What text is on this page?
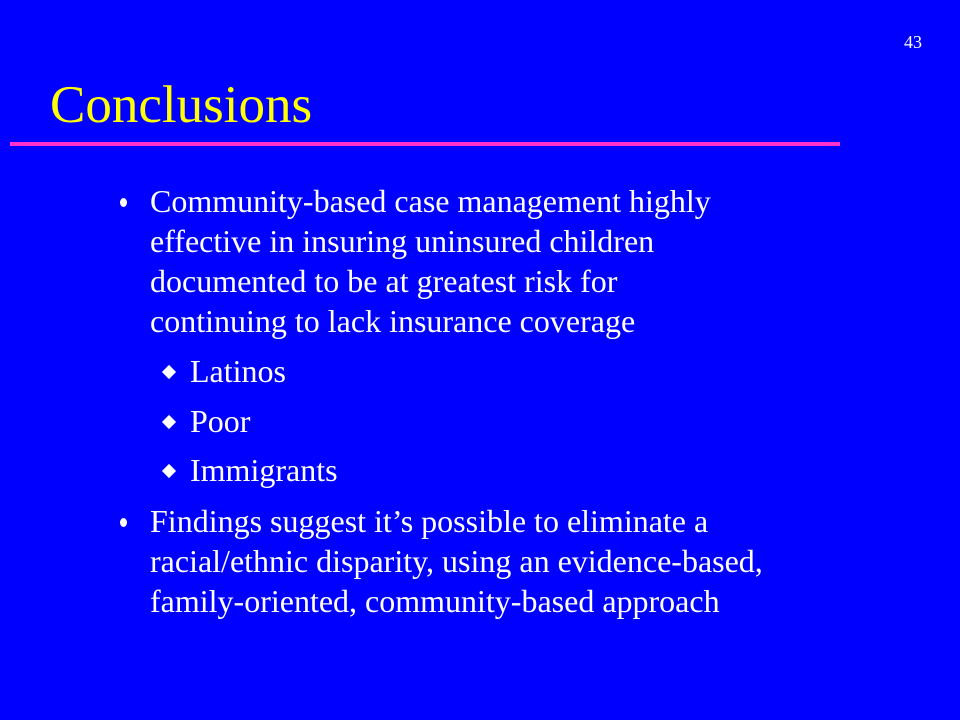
43
Conclusions
Community-based case management highly
effective in insuring uninsured children
documented to be at greatest risk for
continuing to lack insurance coverage
Latinos
Poor
Immigrants
Findings suggest it’s possible to eliminate a
racial/ethnic disparity, using an evidence-based,
family-oriented, community-based approach
